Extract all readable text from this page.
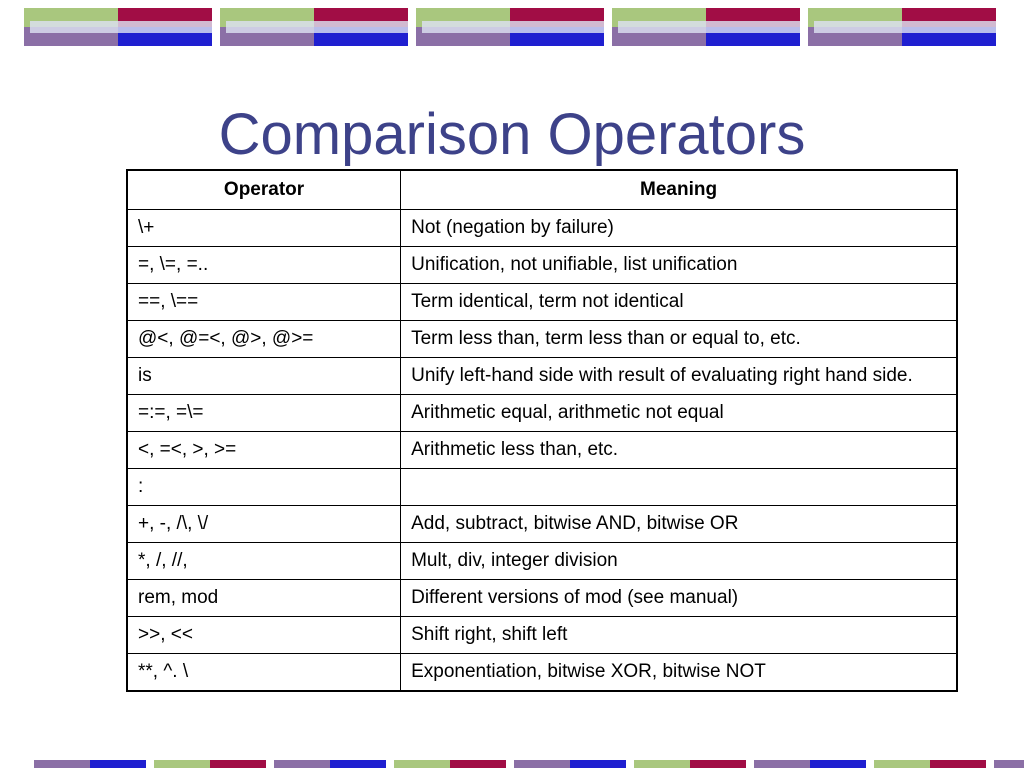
Comparison Operators
Operator	Meaning
\+	Not (negation by failure)
=, \=, =..	Unification, not unifiable, list unification
==, \==	Term identical, term not identical
@<, @=<, @>, @>=	Term less than, term less than or equal to, etc.
is	Unify left-hand side with result of evaluating right hand side.
=:=, =\=	Arithmetic equal, arithmetic not equal
<, =<, >, >=	Arithmetic less than, etc.
:	
+, -, /\, \/	Add, subtract, bitwise AND, bitwise OR
*, /, //,	Mult, div, integer division
rem, mod	Different versions of mod (see manual)
>>, <<	Shift right, shift left
**, ^. \	Exponentiation, bitwise XOR, bitwise NOT
